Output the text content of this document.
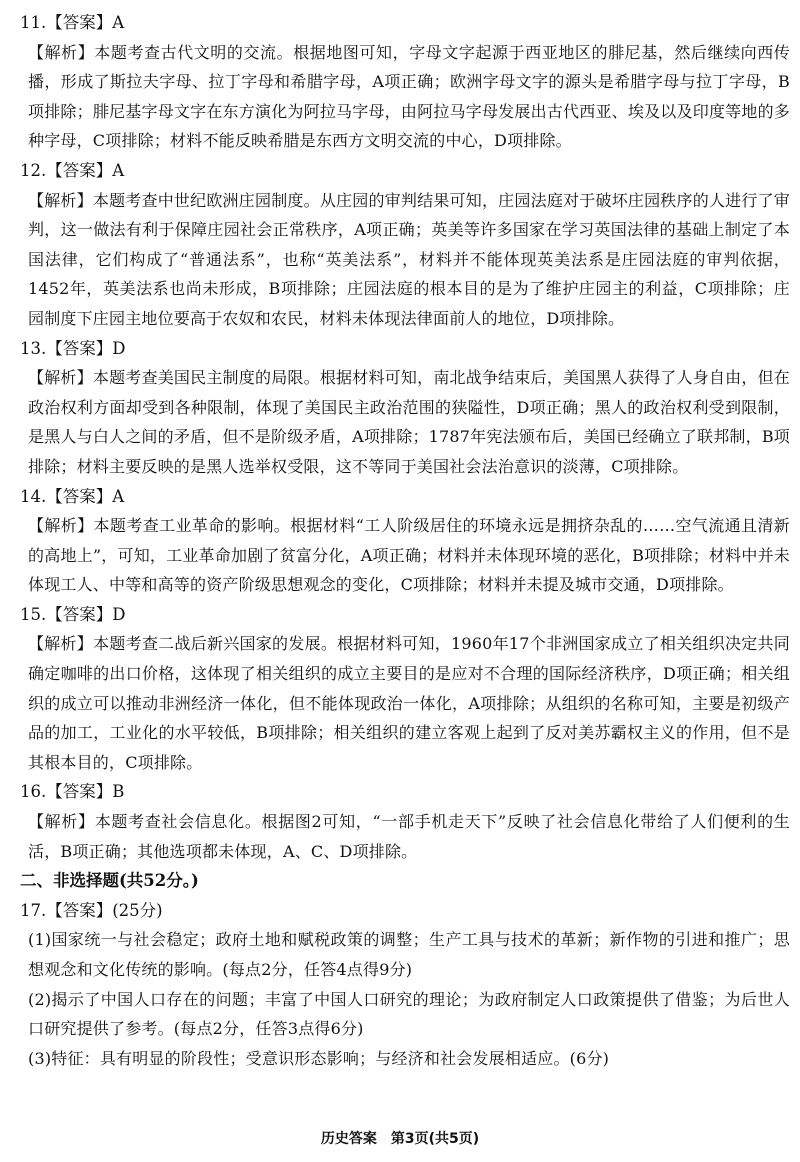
11.【答案】A
【解析】本题考查古代文明的交流。根据地图可知，字母文字起源于西亚地区的腓尼基，然后继续向西传播，形成了斯拉夫字母、拉丁字母和希腊字母，A项正确；欧洲字母文字的源头是希腊字母与拉丁字母，B项排除；腓尼基字母文字在东方演化为阿拉马字母，由阿拉马字母发展出古代西亚、埃及以及印度等地的多种字母，C项排除；材料不能反映希腊是东西方文明交流的中心，D项排除。
12.【答案】A
【解析】本题考查中世纪欧洲庄园制度。从庄园的审判结果可知，庄园法庭对于破坏庄园秩序的人进行了审判，这一做法有利于保障庄园社会正常秩序，A项正确；英美等许多国家在学习英国法律的基础上制定了本国法律，它们构成了“普通法系”，也称“英美法系”，材料并不能体现英美法系是庄园法庭的审判依据，1452年，英美法系也尚未形成，B项排除；庄园法庭的根本目的是为了维护庄园主的利益，C项排除；庄园制度下庄园主地位要高于农奴和农民，材料未体现法律面前人的地位，D项排除。
13.【答案】D
【解析】本题考查美国民主制度的局限。根据材料可知，南北战争结束后，美国黑人获得了人身自由，但在政治权利方面却受到各种限制，体现了美国民主政治范围的狭隘性，D项正确；黑人的政治权利受到限制，是黑人与白人之间的矛盾，但不是阶级矛盾，A项排除；1787年宪法颁布后，美国已经确立了联邦制，B项排除；材料主要反映的是黑人选举权受限，这不等同于美国社会法治意识的淡薄，C项排除。
14.【答案】A
【解析】本题考查工业革命的影响。根据材料“工人阶级居住的环境永远是拥挤杂乱的……空气流通且清新的高地上”，可知，工业革命加剧了贫富分化，A项正确；材料并未体现环境的恶化，B项排除；材料中并未体现工人、中等和高等的资产阶级思想观念的变化，C项排除；材料并未提及城市交通，D项排除。
15.【答案】D
【解析】本题考查二战后新兴国家的发展。根据材料可知，1960年17个非洲国家成立了相关组织决定共同确定咖啡的出口价格，这体现了相关组织的成立主要目的是应对不合理的国际经济秩序，D项正确；相关组织的成立可以推动非洲经济一体化，但不能体现政治一体化，A项排除；从组织的名称可知，主要是初级产品的加工，工业化的水平较低，B项排除；相关组织的建立客观上起到了反对美苏霸权主义的作用，但不是其根本目的，C项排除。
16.【答案】B
【解析】本题考查社会信息化。根据图2可知，“一部手机走天下”反映了社会信息化带给了人们便利的生活，B项正确；其他选项都未体现，A、C、D项排除。
二、非选择题(共52分。)
17.【答案】(25分)
(1)国家统一与社会稳定；政府土地和赋税政策的调整；生产工具与技术的革新；新作物的引进和推广；思想观念和文化传统的影响。(每点2分，任答4点得9分)
(2)揭示了中国人口存在的问题；丰富了中国人口研究的理论；为政府制定人口政策提供了借鉴；为后世人口研究提供了参考。(每点2分，任答3点得6分)
(3)特征：具有明显的阶段性；受意识形态影响；与经济和社会发展相适应。(6分)
历史答案　第3页(共5页)
